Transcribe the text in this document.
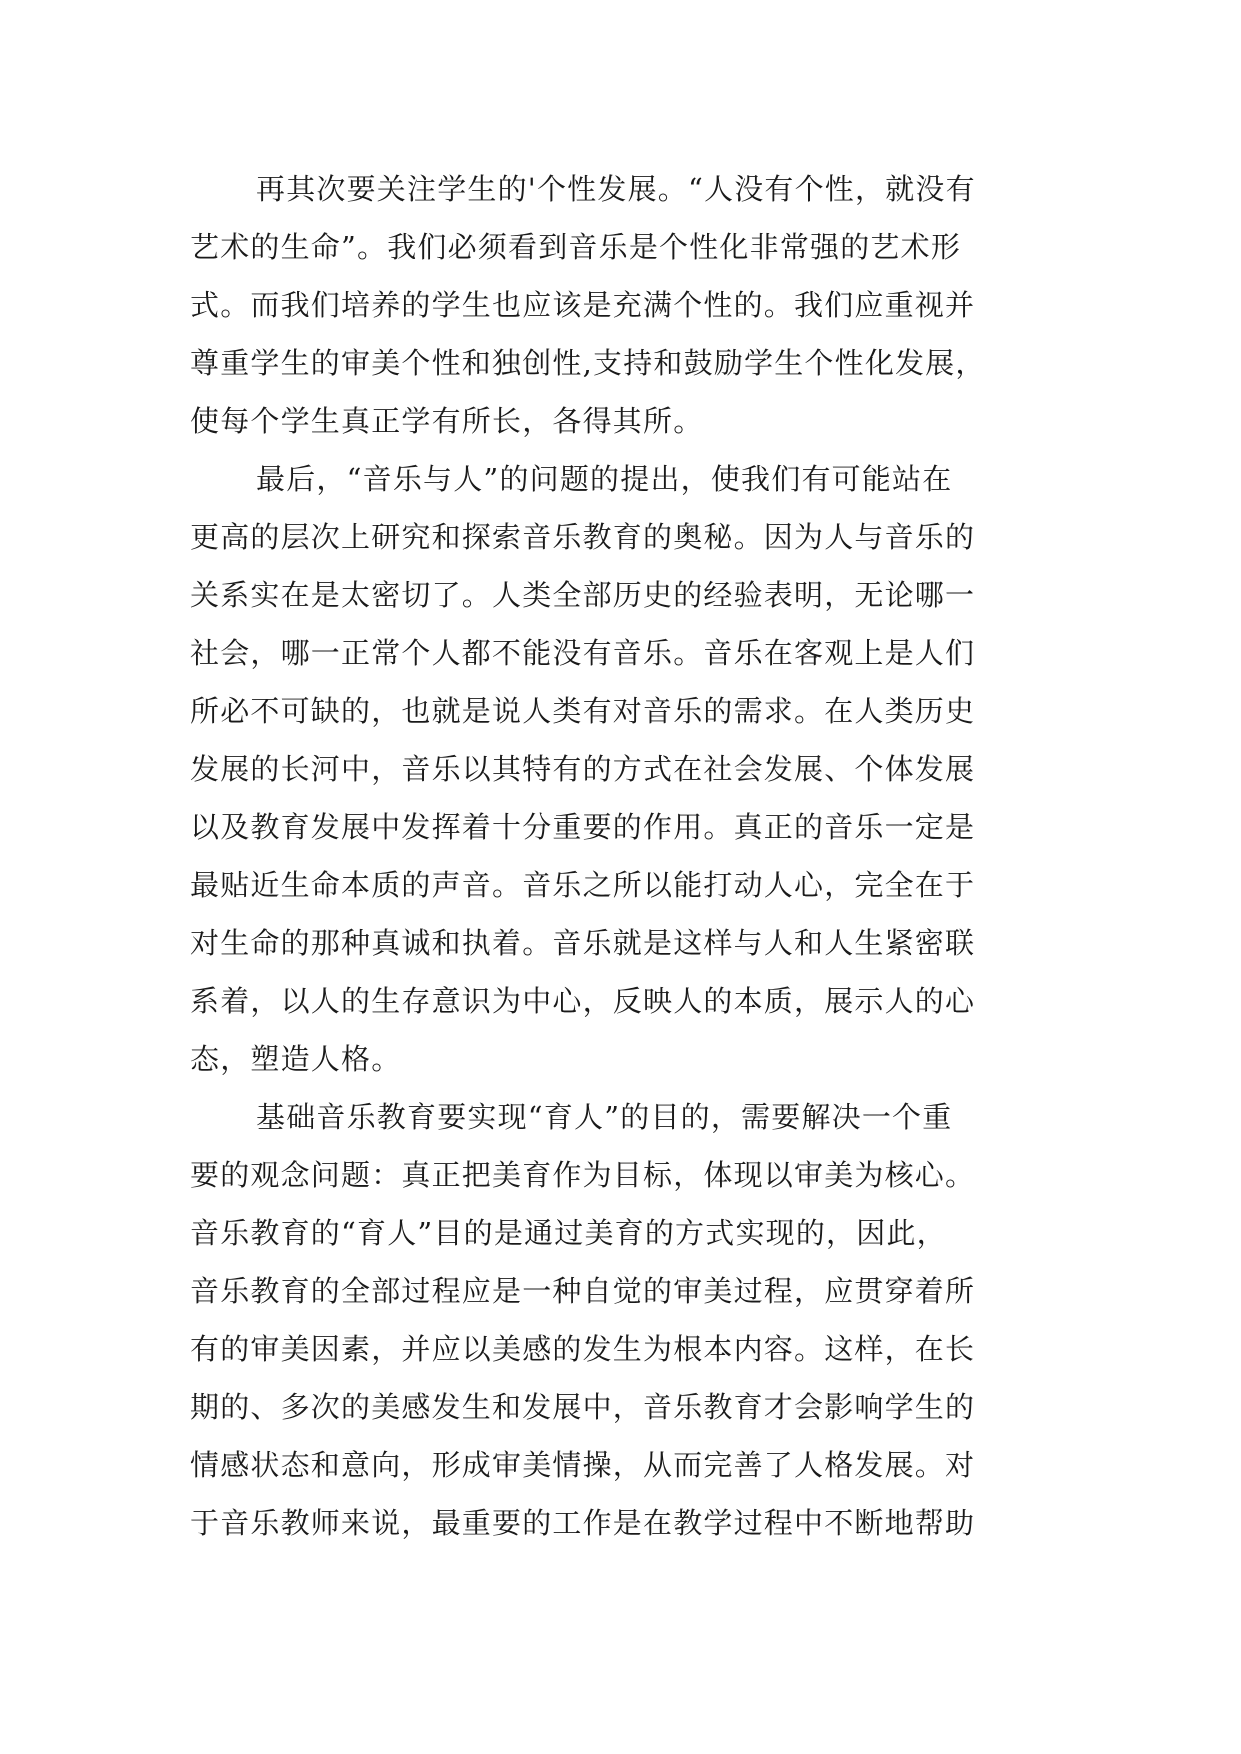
再其次要关注学生的'个性发展。“人没有个性，就没有
艺术的生命”。我们必须看到音乐是个性化非常强的艺术形
式。而我们培养的学生也应该是充满个性的。我们应重视并
尊重学生的审美个性和独创性,支持和鼓励学生个性化发展，
使每个学生真正学有所长，各得其所。
最后，“音乐与人”的问题的提出，使我们有可能站在
更高的层次上研究和探索音乐教育的奥秘。因为人与音乐的
关系实在是太密切了。人类全部历史的经验表明，无论哪一
社会，哪一正常个人都不能没有音乐。音乐在客观上是人们
所必不可缺的，也就是说人类有对音乐的需求。在人类历史
发展的长河中，音乐以其特有的方式在社会发展、个体发展
以及教育发展中发挥着十分重要的作用。真正的音乐一定是
最贴近生命本质的声音。音乐之所以能打动人心，完全在于
对生命的那种真诚和执着。音乐就是这样与人和人生紧密联
系着，以人的生存意识为中心，反映人的本质，展示人的心
态，塑造人格。
基础音乐教育要实现“育人”的目的，需要解决一个重
要的观念问题：真正把美育作为目标，体现以审美为核心。
音乐教育的“育人”目的是通过美育的方式实现的，因此，
音乐教育的全部过程应是一种自觉的审美过程，应贯穿着所
有的审美因素，并应以美感的发生为根本内容。这样，在长
期的、多次的美感发生和发展中，音乐教育才会影响学生的
情感状态和意向，形成审美情操，从而完善了人格发展。对
于音乐教师来说，最重要的工作是在教学过程中不断地帮助
